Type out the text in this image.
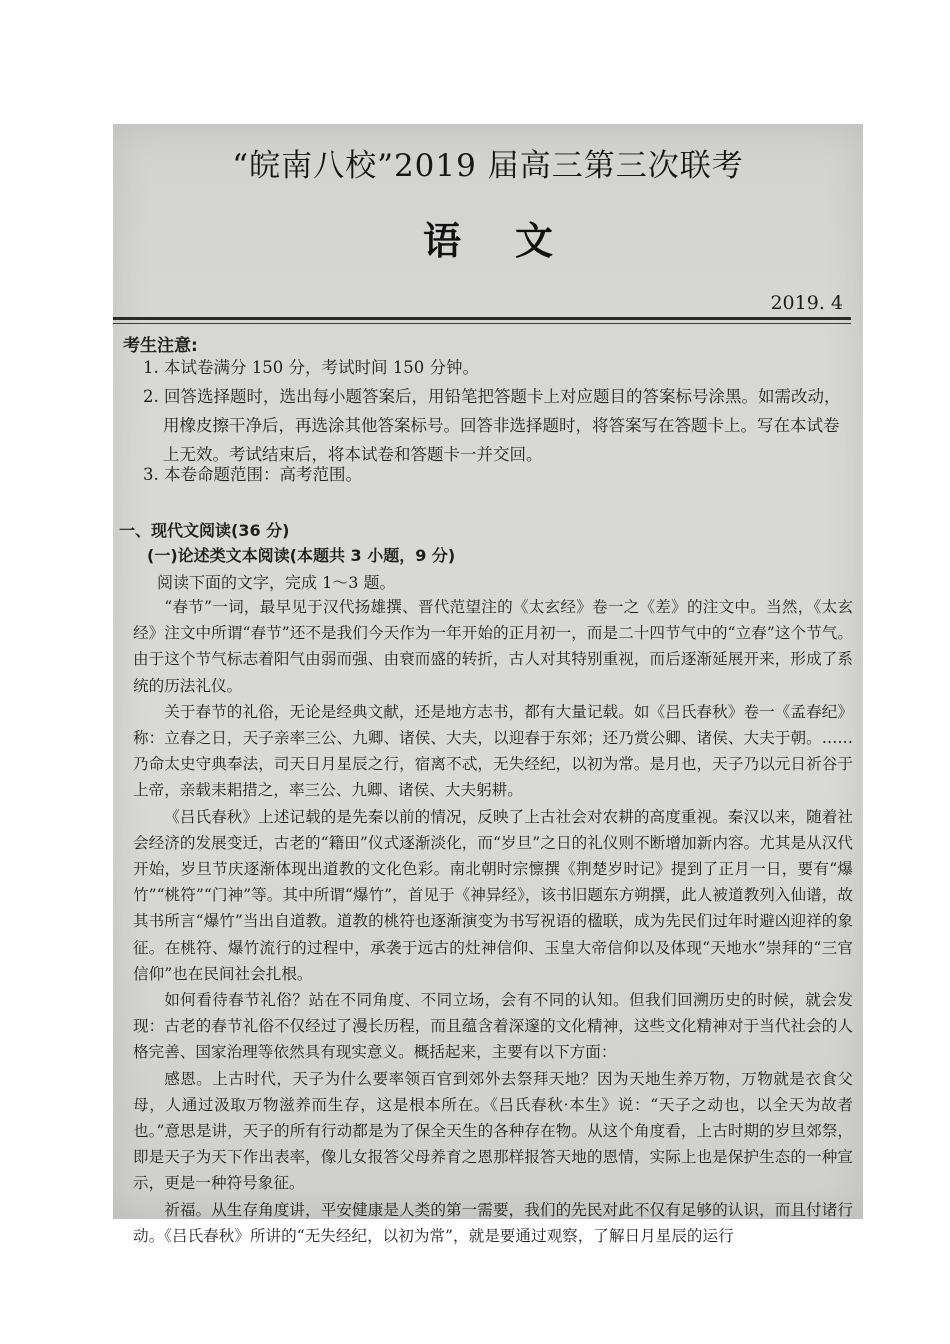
“皖南八校”2019 届高三第三次联考
语文
2019. 4
考生注意:
1. 本试卷满分 150 分，考试时间 150 分钟。
2. 回答选择题时，选出每小题答案后，用铅笔把答题卡上对应题目的答案标号涂黑。如需改动，用橡皮擦干净后，再选涂其他答案标号。回答非选择题时，将答案写在答题卡上。写在本试卷上无效。考试结束后，将本试卷和答题卡一并交回。
3. 本卷命题范围：高考范围。
一、现代文阅读(36 分)
(一)论述类文本阅读(本题共 3 小题，9 分)
阅读下面的文字，完成 1～3 题。

“春节”一词，最早见于汉代扬雄撰、晋代范望注的《太玄经》卷一之《差》的注文中。当然，《太玄经》注文中所谓“春节”还不是我们今天作为一年开始的正月初一，而是二十四节气中的“立春”这个节气。由于这个节气标志着阳气由弱而强、由衰而盛的转折，古人对其特别重视，而后逐渐延展开来，形成了系统的历法礼仪。

关于春节的礼俗，无论是经典文献，还是地方志书，都有大量记载。如《吕氏春秋》卷一《孟春纪》称：立春之日，天子亲率三公、九卿、诸侯、大夫，以迎春于东郊；还乃赏公卿、诸侯、大夫于朝。……乃命太史守典奉法，司天日月星辰之行，宿离不忒，无失经纪，以初为常。是月也，天子乃以元日祈谷于上帝，亲载耒耜措之，率三公、九卿、诸侯、大夫躬耕。

《吕氏春秋》上述记载的是先秦以前的情况，反映了上古社会对农耕的高度重视。秦汉以来，随着社会经济的发展变迁，古老的“籍田”仪式逐渐淡化，而“岁旦”之日的礼仪则不断增加新内容。尤其是从汉代开始，岁旦节庆逐渐体现出道教的文化色彩。南北朝时宗懔撰《荆楚岁时记》提到了正月一日，要有“爆竹”“桃符”“门神”等。其中所谓“爆竹”，首见于《神异经》，该书旧题东方朔撰，此人被道教列入仙谱，故其书所言“爆竹”当出自道教。道教的桃符也逐渐演变为书写祝语的楹联，成为先民们过年时避凶迎祥的象征。在桃符、爆竹流行的过程中，承袭于远古的灶神信仰、玉皇大帝信仰以及体现“天地水”崇拜的“三官信仰”也在民间社会扎根。

如何看待春节礼俗？站在不同角度、不同立场，会有不同的认知。但我们回溯历史的时候，就会发现：古老的春节礼俗不仅经过了漫长历程，而且蕴含着深邃的文化精神，这些文化精神对于当代社会的人格完善、国家治理等依然具有现实意义。概括起来，主要有以下方面：

感恩。上古时代，天子为什么要率领百官到郊外去祭拜天地？因为天地生养万物，万物就是衣食父母，人通过汲取万物滋养而生存，这是根本所在。《吕氏春秋·本生》说：“天子之动也，以全天为故者也。”意思是讲，天子的所有行动都是为了保全天生的各种存在物。从这个角度看，上古时期的岁旦郊祭，即是天子为天下作出表率，像儿女报答父母养育之恩那样报答天地的恩情，实际上也是保护生态的一种宣示，更是一种符号象征。

祈福。从生存角度讲，平安健康是人类的第一需要，我们的先民对此不仅有足够的认识，而且付诸行动。《吕氏春秋》所讲的“无失经纪，以初为常”，就是要通过观察，了解日月星辰的运行
